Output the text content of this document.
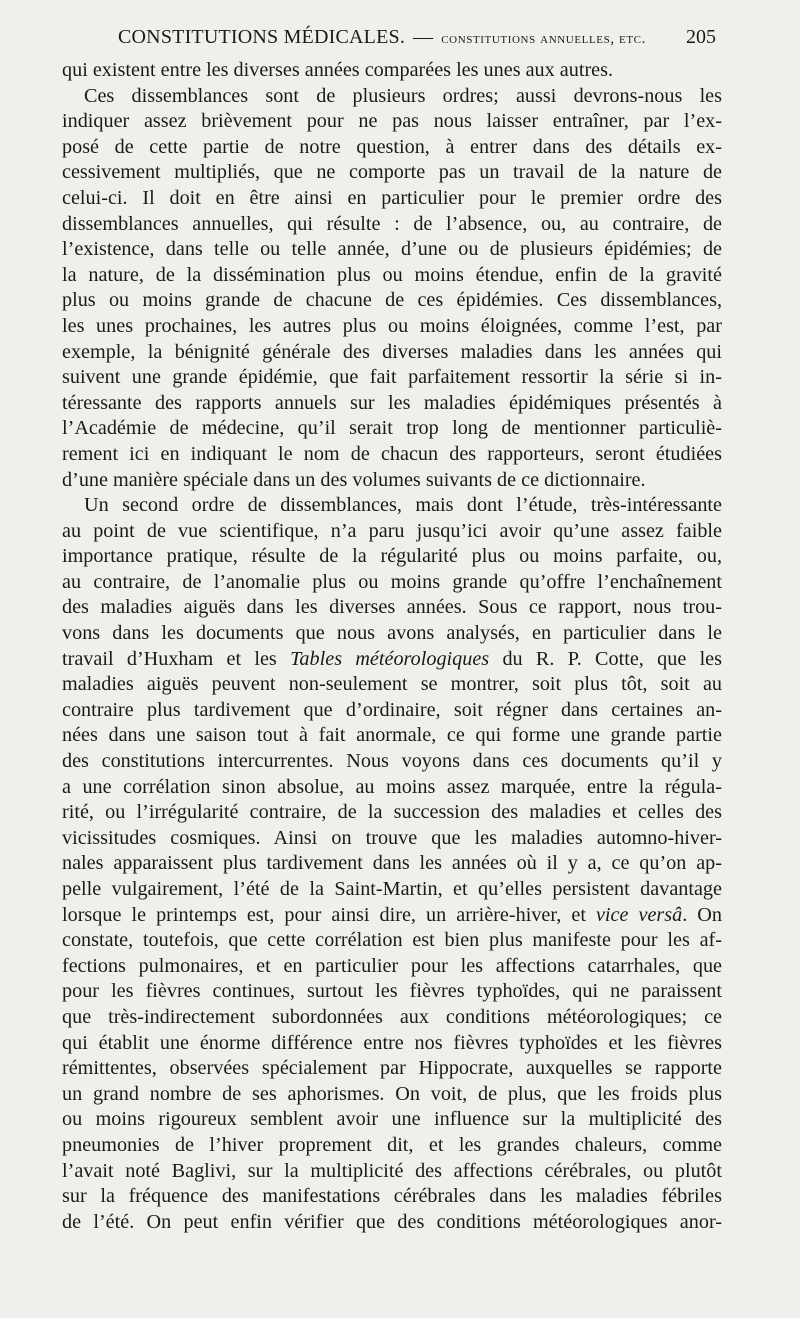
CONSTITUTIONS MÉDICALES. — constitutions annuelles, etc. 205
qui existent entre les diverses années comparées les unes aux autres.
Ces dissemblances sont de plusieurs ordres; aussi devrons-nous les
indiquer assez brièvement pour ne pas nous laisser entraîner, par l’ex-
posé de cette partie de notre question, à entrer dans des détails ex-
cessivement multipliés, que ne comporte pas un travail de la nature de
celui-ci. Il doit en être ainsi en particulier pour le premier ordre des
dissemblances annuelles, qui résulte : de l’absence, ou, au contraire, de
l’existence, dans telle ou telle année, d’une ou de plusieurs épidémies; de
la nature, de la dissémination plus ou moins étendue, enfin de la gravité
plus ou moins grande de chacune de ces épidémies. Ces dissemblances,
les unes prochaines, les autres plus ou moins éloignées, comme l’est, par
exemple, la bénignité générale des diverses maladies dans les années qui
suivent une grande épidémie, que fait parfaitement ressortir la série si in-
téressante des rapports annuels sur les maladies épidémiques présentés à
l’Académie de médecine, qu’il serait trop long de mentionner particuliè-
rement ici en indiquant le nom de chacun des rapporteurs, seront étudiées
d’une manière spéciale dans un des volumes suivants de ce dictionnaire.
Un second ordre de dissemblances, mais dont l’étude, très-intéressante
au point de vue scientifique, n’a paru jusqu’ici avoir qu’une assez faible
importance pratique, résulte de la régularité plus ou moins parfaite, ou,
au contraire, de l’anomalie plus ou moins grande qu’offre l’enchaînement
des maladies aiguës dans les diverses années. Sous ce rapport, nous trou-
vons dans les documents que nous avons analysés, en particulier dans le
travail d’Huxham et les Tables météorologiques du R. P. Cotte, que les
maladies aiguës peuvent non-seulement se montrer, soit plus tôt, soit au
contraire plus tardivement que d’ordinaire, soit régner dans certaines an-
nées dans une saison tout à fait anormale, ce qui forme une grande partie
des constitutions intercurrentes. Nous voyons dans ces documents qu’il y
a une corrélation sinon absolue, au moins assez marquée, entre la régula-
rité, ou l’irrégularité contraire, de la succession des maladies et celles des
vicissitudes cosmiques. Ainsi on trouve que les maladies automno-hiver-
nales apparaissent plus tardivement dans les années où il y a, ce qu’on ap-
pelle vulgairement, l’été de la Saint-Martin, et qu’elles persistent davantage
lorsque le printemps est, pour ainsi dire, un arrière-hiver, et vice versâ. On
constate, toutefois, que cette corrélation est bien plus manifeste pour les af-
fections pulmonaires, et en particulier pour les affections catarrhales, que
pour les fièvres continues, surtout les fièvres typhoïdes, qui ne paraissent
que très-indirectement subordonnées aux conditions météorologiques; ce
qui établit une énorme différence entre nos fièvres typhoïdes et les fièvres
rémittentes, observées spécialement par Hippocrate, auxquelles se rapporte
un grand nombre de ses aphorismes. On voit, de plus, que les froids plus
ou moins rigoureux semblent avoir une influence sur la multiplicité des
pneumonies de l’hiver proprement dit, et les grandes chaleurs, comme
l’avait noté Baglivi, sur la multiplicité des affections cérébrales, ou plutôt
sur la fréquence des manifestations cérébrales dans les maladies fébriles
de l’été. On peut enfin vérifier que des conditions météorologiques anor-
